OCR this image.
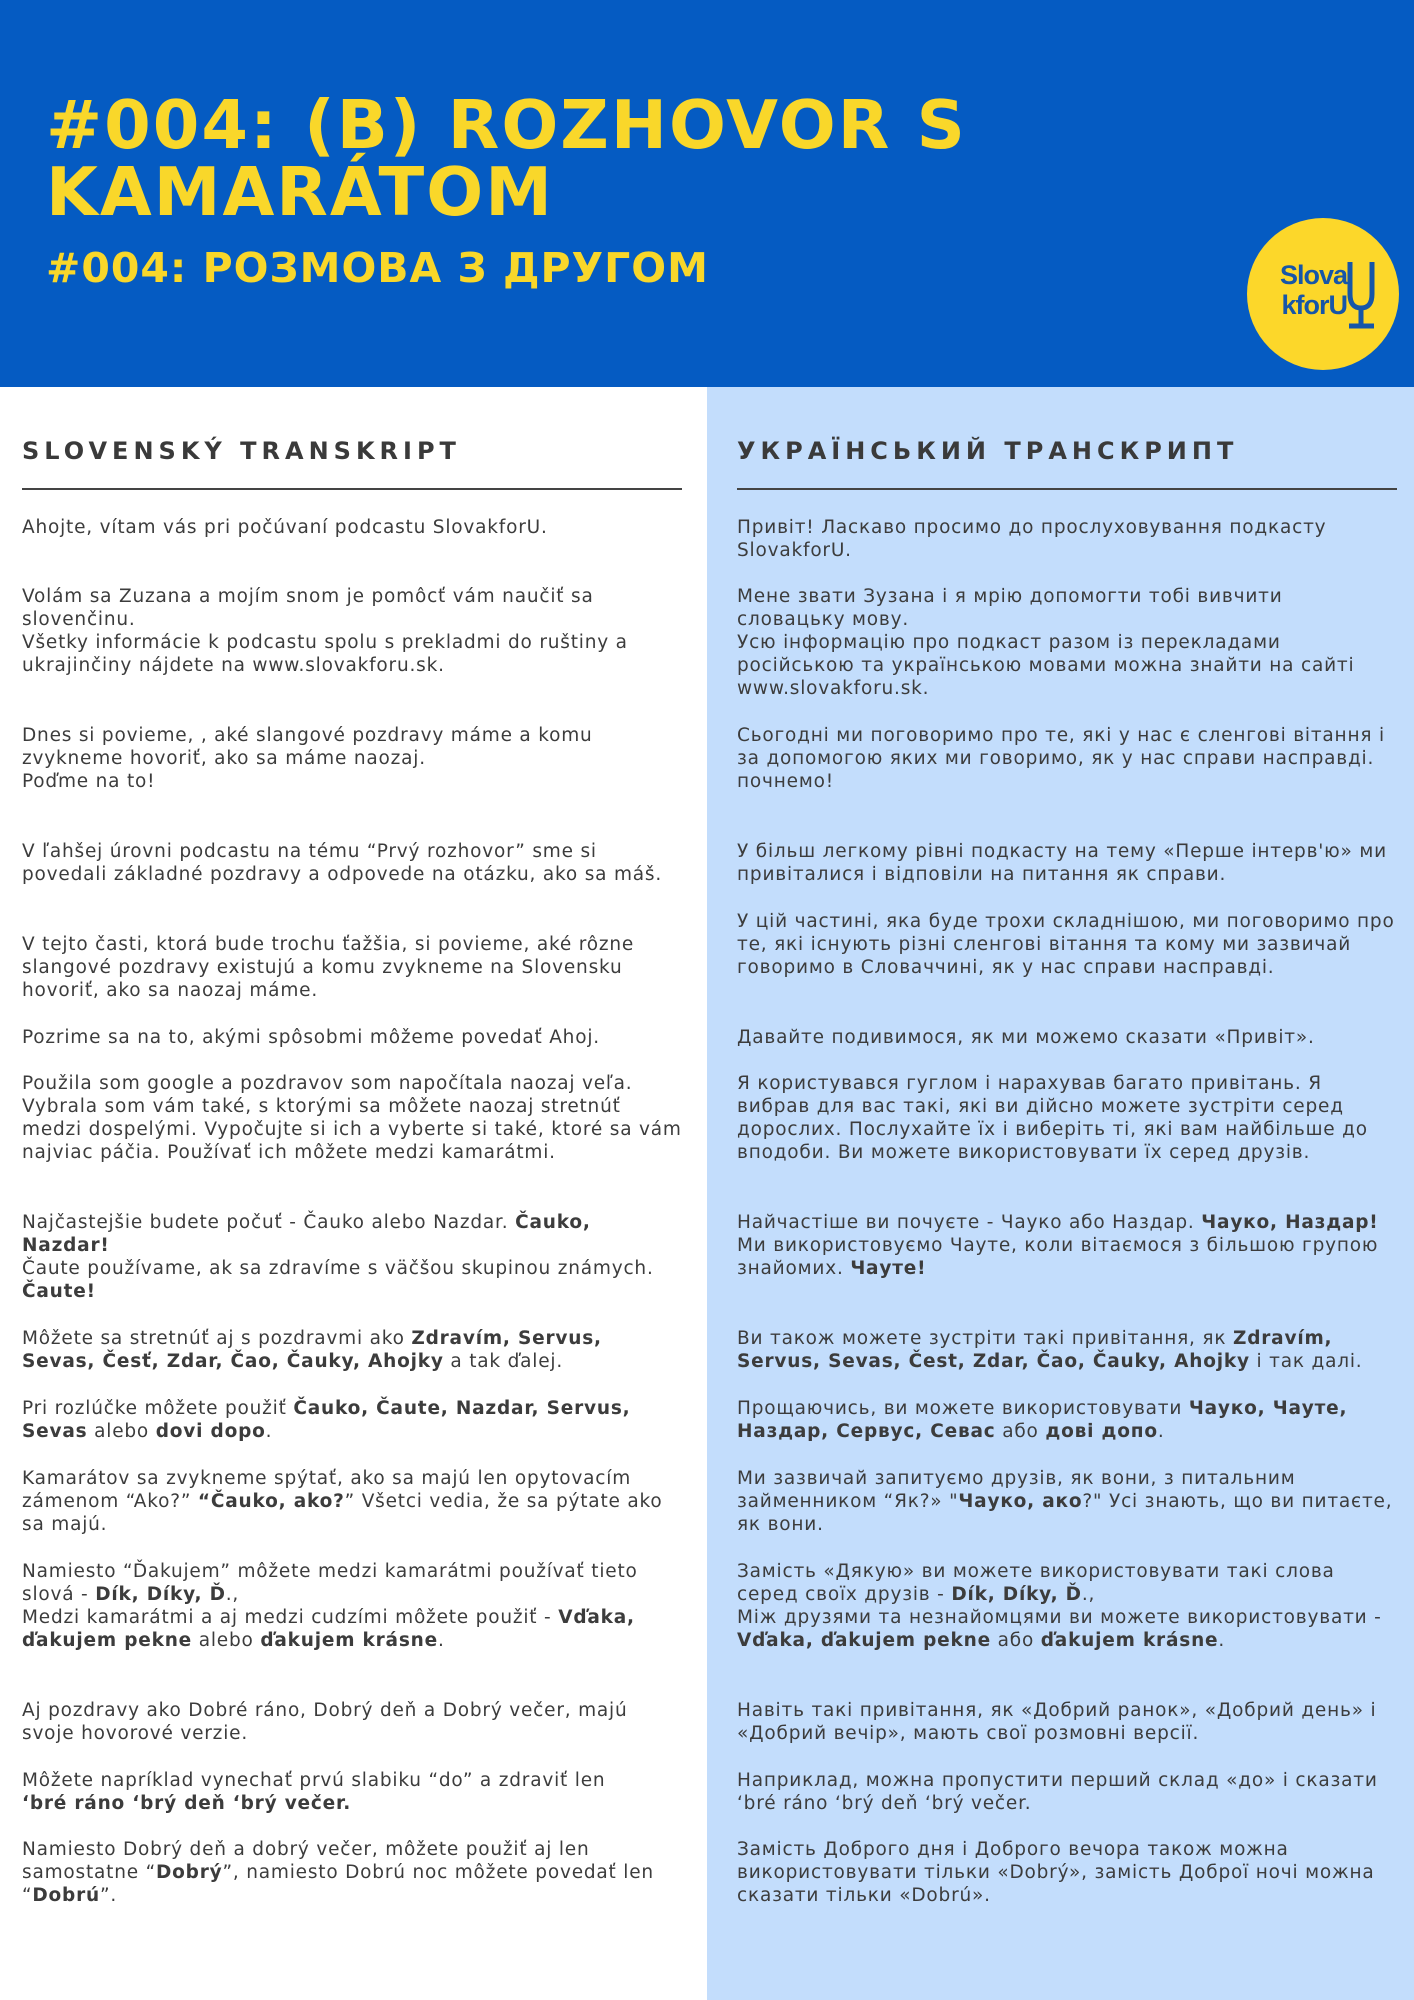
#004: (B) ROZHOVOR S KAMARÁTOM
#004: РОЗМОВА З ДРУГОМ	SlovakforU
SLOVENSKÝ TRANSKRIPT

Ahojte, vítam vás pri počúvaní podcastu SlovakforU.

Volám sa Zuzana a mojím snom je pomôcť vám naučiť sa slovenčinu.
Všetky informácie k podcastu spolu s prekladmi do ruštiny a ukrajinčiny nájdete na www.slovakforu.sk.

Dnes si povieme, , aké slangové pozdravy máme a komu zvykneme hovoriť, ako sa máme naozaj.
Poďme na to!

V ľahšej úrovni podcastu na tému “Prvý rozhovor” sme si povedali základné pozdravy a odpovede na otázku, ako sa máš.

V tejto časti, ktorá bude trochu ťažšia, si povieme, aké rôzne slangové pozdravy existujú a komu zvykneme na Slovensku hovoriť, ako sa naozaj máme.

Pozrime sa na to, akými spôsobmi môžeme povedať Ahoj.

Použila som google a pozdravov som napočítala naozaj veľa. Vybrala som vám také, s ktorými sa môžete naozaj stretnúť medzi dospelými. Vypočujte si ich a vyberte si také, ktoré sa vám najviac páčia. Používať ich môžete medzi kamarátmi.

Najčastejšie budete počuť - Čauko alebo Nazdar. Čauko, Nazdar!
Čaute používame, ak sa zdravíme s väčšou skupinou známych. Čaute!

Môžete sa stretnúť aj s pozdravmi ako Zdravím, Servus, Sevas, Česť, Zdar, Čao, Čauky, Ahojky a tak ďalej.

Pri rozlúčke môžete použiť Čauko, Čaute, Nazdar, Servus, Sevas alebo dovi dopo.

Kamarátov sa zvykneme spýtať, ako sa majú len opytovacím zámenom “Ako?” “Čauko, ako?” Všetci vedia, že sa pýtate ako sa majú.

Namiesto “Ďakujem” môžete medzi kamarátmi používať tieto slová - Dík, Díky, Ď.,
Medzi kamarátmi a aj medzi cudzími môžete použiť - Vďaka, ďakujem pekne alebo ďakujem krásne.

Aj pozdravy ako Dobré ráno, Dobrý deň a Dobrý večer, majú svoje hovorové verzie.

Môžete napríklad vynechať prvú slabiku “do” a zdraviť len
ʻbré ráno ʻbrý deň ʻbrý večer.

Namiesto Dobrý deň a dobrý večer, môžete použiť aj len samostatne “Dobrý”, namiesto Dobrú noc môžete povedať len “Dobrú”.

УКРАЇНСЬКИЙ ТРАНСКРИПТ

Привіт! Ласкаво просимо до прослуховування подкасту SlovakforU.

Мене звати Зузана і я мрію допомогти тобі вивчити словацьку мову.
Усю інформацію про подкаст разом із перекладами російською та українською мовами можна знайти на сайті www.slovakforu.sk.

Сьогодні ми поговоримо про те, які у нас є сленгові вітання і за допомогою яких ми говоримо, як у нас справи насправді.
почнемо!

У більш легкому рівні подкасту на тему «Перше інтерв'ю» ми привіталися і відповіли на питання як справи.

У цій частині, яка буде трохи складнішою, ми поговоримо про те, які існують різні сленгові вітання та кому ми зазвичай говоримо в Словаччині, як у нас справи насправді.

Давайте подивимося, як ми можемо сказати «Привіт».

Я користувався гуглом і нарахував багато привітань. Я вибрав для вас такі, які ви дійсно можете зустріти серед дорослих. Послухайте їх і виберіть ті, які вам найбільше до вподоби. Ви можете використовувати їх серед друзів.

Найчастіше ви почуєте - Чауко або Наздар. Чауко, Наздар!
Ми використовуємо Чауте, коли вітаємося з більшою групою знайомих. Чауте!

Ви також можете зустріти такі привітання, як Zdravím, Servus, Sevas, Čest, Zdar, Čao, Čauky, Ahojky і так далі.

Прощаючись, ви можете використовувати Чауко, Чауте, Наздар, Сервус, Севас або дові допо.

Ми зазвичай запитуємо друзів, як вони, з питальним займенником “Як?» "Чауко, ако?" Усі знають, що ви питаєте, як вони.

Замість «Дякую» ви можете використовувати такі слова серед своїх друзів - Dík, Díky, Ď.,
Між друзями та незнайомцями ви можете використовувати - Vďaka, ďakujem pekne або ďakujem krásne.

Навіть такі привітання, як «Добрий ранок», «Добрий день» і «Добрий вечір», мають свої розмовні версії.

Наприклад, можна пропустити перший склад «до» і сказати ʻbré ráno ʻbrý deň ʻbrý večer.

Замість Доброго дня і Доброго вечора також можна використовувати тільки «Dobrý», замість Доброї ночі можна сказати тільки «Dobrú».
